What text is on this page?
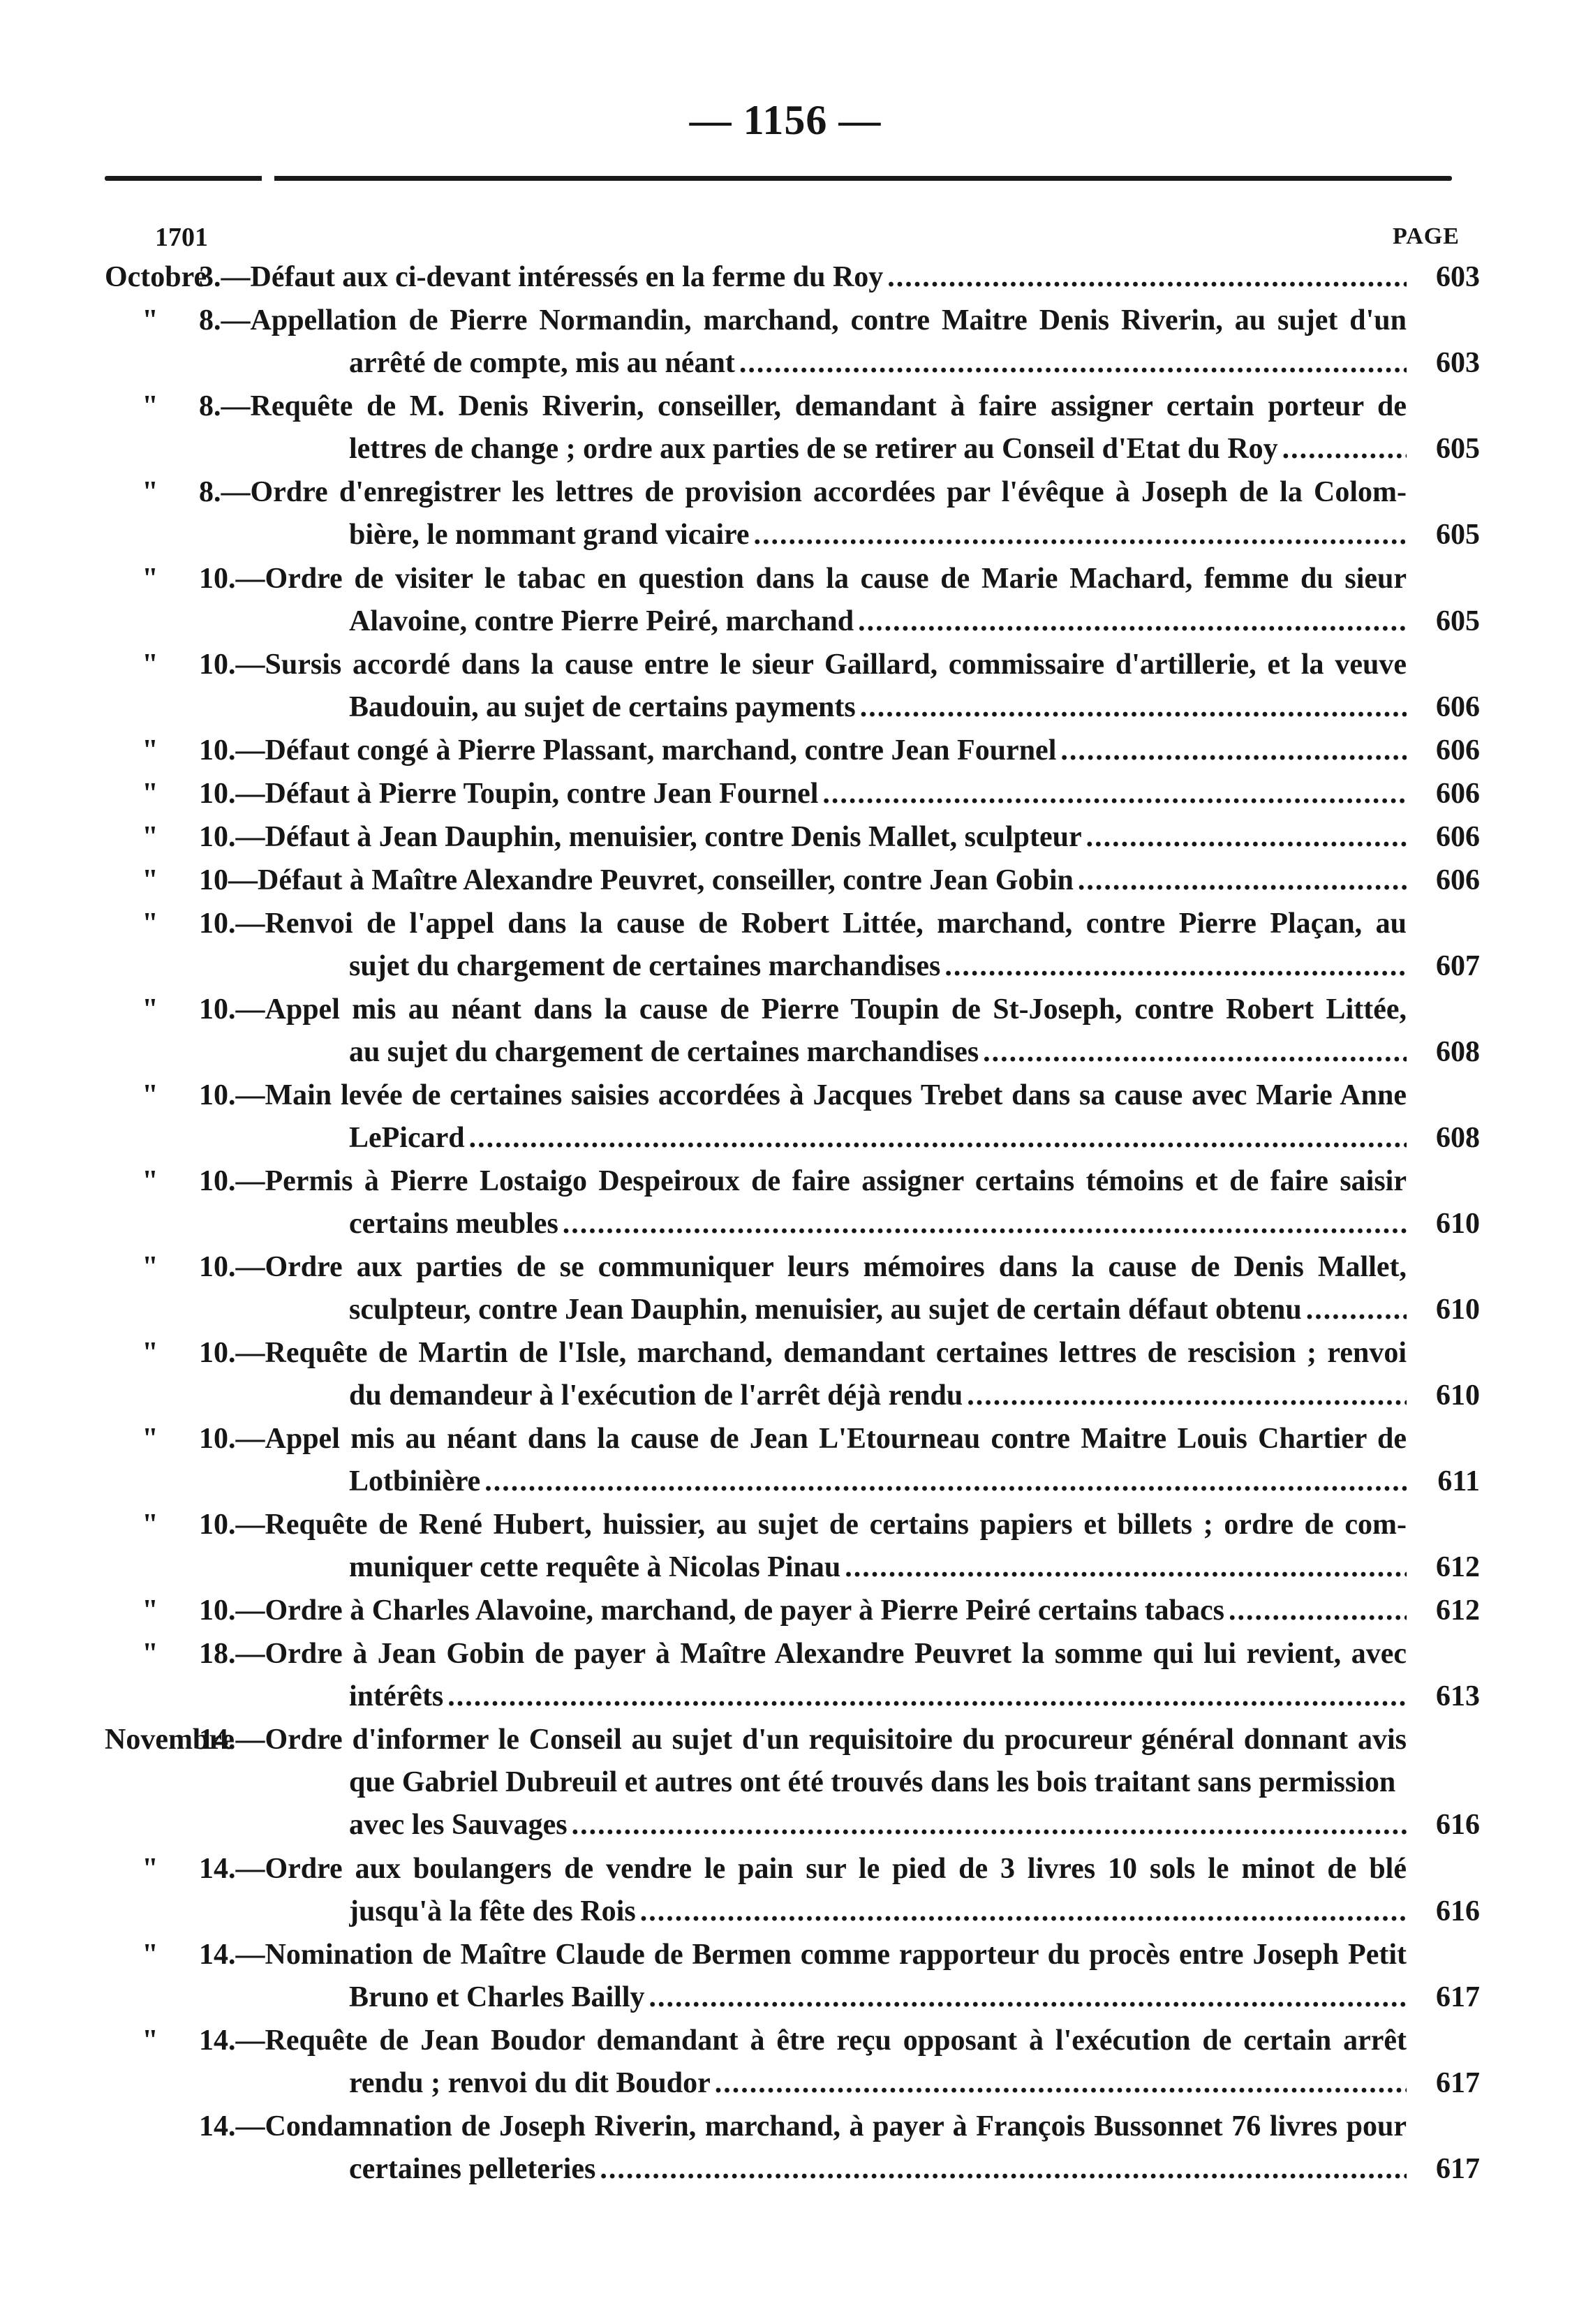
— 1156 —
1701	PAGE
Octobre
3.—Défaut aux ci-devant intéressés en la ferme du Roy .....	603
"	8.—Appellation de Pierre Normandin, marchand, contre Maitre Denis Riverin, au sujet d'un
arrêté de compte, mis au néant .....	603
"	8.—Requête de M. Denis Riverin, conseiller, demandant à faire assigner certain porteur de
lettres de change ; ordre aux parties de se retirer au Conseil d'Etat du Roy .....	605
"	8.—Ordre d'enregistrer les lettres de provision accordées par l'évêque à Joseph de la Colom-
bière, le nommant grand vicaire .....	605
"	10.—Ordre de visiter le tabac en question dans la cause de Marie Machard, femme du sieur
Alavoine, contre Pierre Peiré, marchand .....	605
"	10.—Sursis accordé dans la cause entre le sieur Gaillard, commissaire d'artillerie, et la veuve
Baudouin, au sujet de certains payments .....	606
"	10.—Défaut congé à Pierre Plassant, marchand, contre Jean Fournel .....	606
"	10.—Défaut à Pierre Toupin, contre Jean Fournel .....	606
"	10.—Défaut à Jean Dauphin, menuisier, contre Denis Mallet, sculpteur .....	606
"	10—Défaut à Maître Alexandre Peuvret, conseiller, contre Jean Gobin .....	606
"	10.—Renvoi de l'appel dans la cause de Robert Littée, marchand, contre Pierre Plaçan, au
sujet du chargement de certaines marchandises .....	607
"	10.—Appel mis au néant dans la cause de Pierre Toupin de St-Joseph, contre Robert Littée,
au sujet du chargement de certaines marchandises .....	608
"	10.—Main levée de certaines saisies accordées à Jacques Trebet dans sa cause avec Marie Anne
LePicard .....	608
"	10.—Permis à Pierre Lostaigo Despeiroux de faire assigner certains témoins et de faire saisir
certains meubles .....	610
"	10.—Ordre aux parties de se communiquer leurs mémoires dans la cause de Denis Mallet,
sculpteur, contre Jean Dauphin, menuisier, au sujet de certain défaut obtenu .....	610
"	10.—Requête de Martin de l'Isle, marchand, demandant certaines lettres de rescision ; renvoi
du demandeur à l'exécution de l'arrêt déjà rendu .....	610
"	10.—Appel mis au néant dans la cause de Jean L'Etourneau contre Maitre Louis Chartier de
Lotbinière .....	611
"	10.—Requête de René Hubert, huissier, au sujet de certains papiers et billets ; ordre de com-
muniquer cette requête à Nicolas Pinau .....	612
"	10.—Ordre à Charles Alavoine, marchand, de payer à Pierre Peiré certains tabacs .....	612
"	18.—Ordre à Jean Gobin de payer à Maître Alexandre Peuvret la somme qui lui revient, avec
intérêts .....	613
Novembre
14.—Ordre d'informer le Conseil au sujet d'un requisitoire du procureur général donnant avis
que Gabriel Dubreuil et autres ont été trouvés dans les bois traitant sans permission
avec les Sauvages .....	616
"	14.—Ordre aux boulangers de vendre le pain sur le pied de 3 livres 10 sols le minot de blé
jusqu'à la fête des Rois .....	616
"	14.—Nomination de Maître Claude de Bermen comme rapporteur du procès entre Joseph Petit
Bruno et Charles Bailly .....	617
"	14.—Requête de Jean Boudor demandant à être reçu opposant à l'exécution de certain arrêt
rendu ; renvoi du dit Boudor .....	617
14.—Condamnation de Joseph Riverin, marchand, à payer à François Bussonnet 76 livres pour
certaines pelleteries .....	617
